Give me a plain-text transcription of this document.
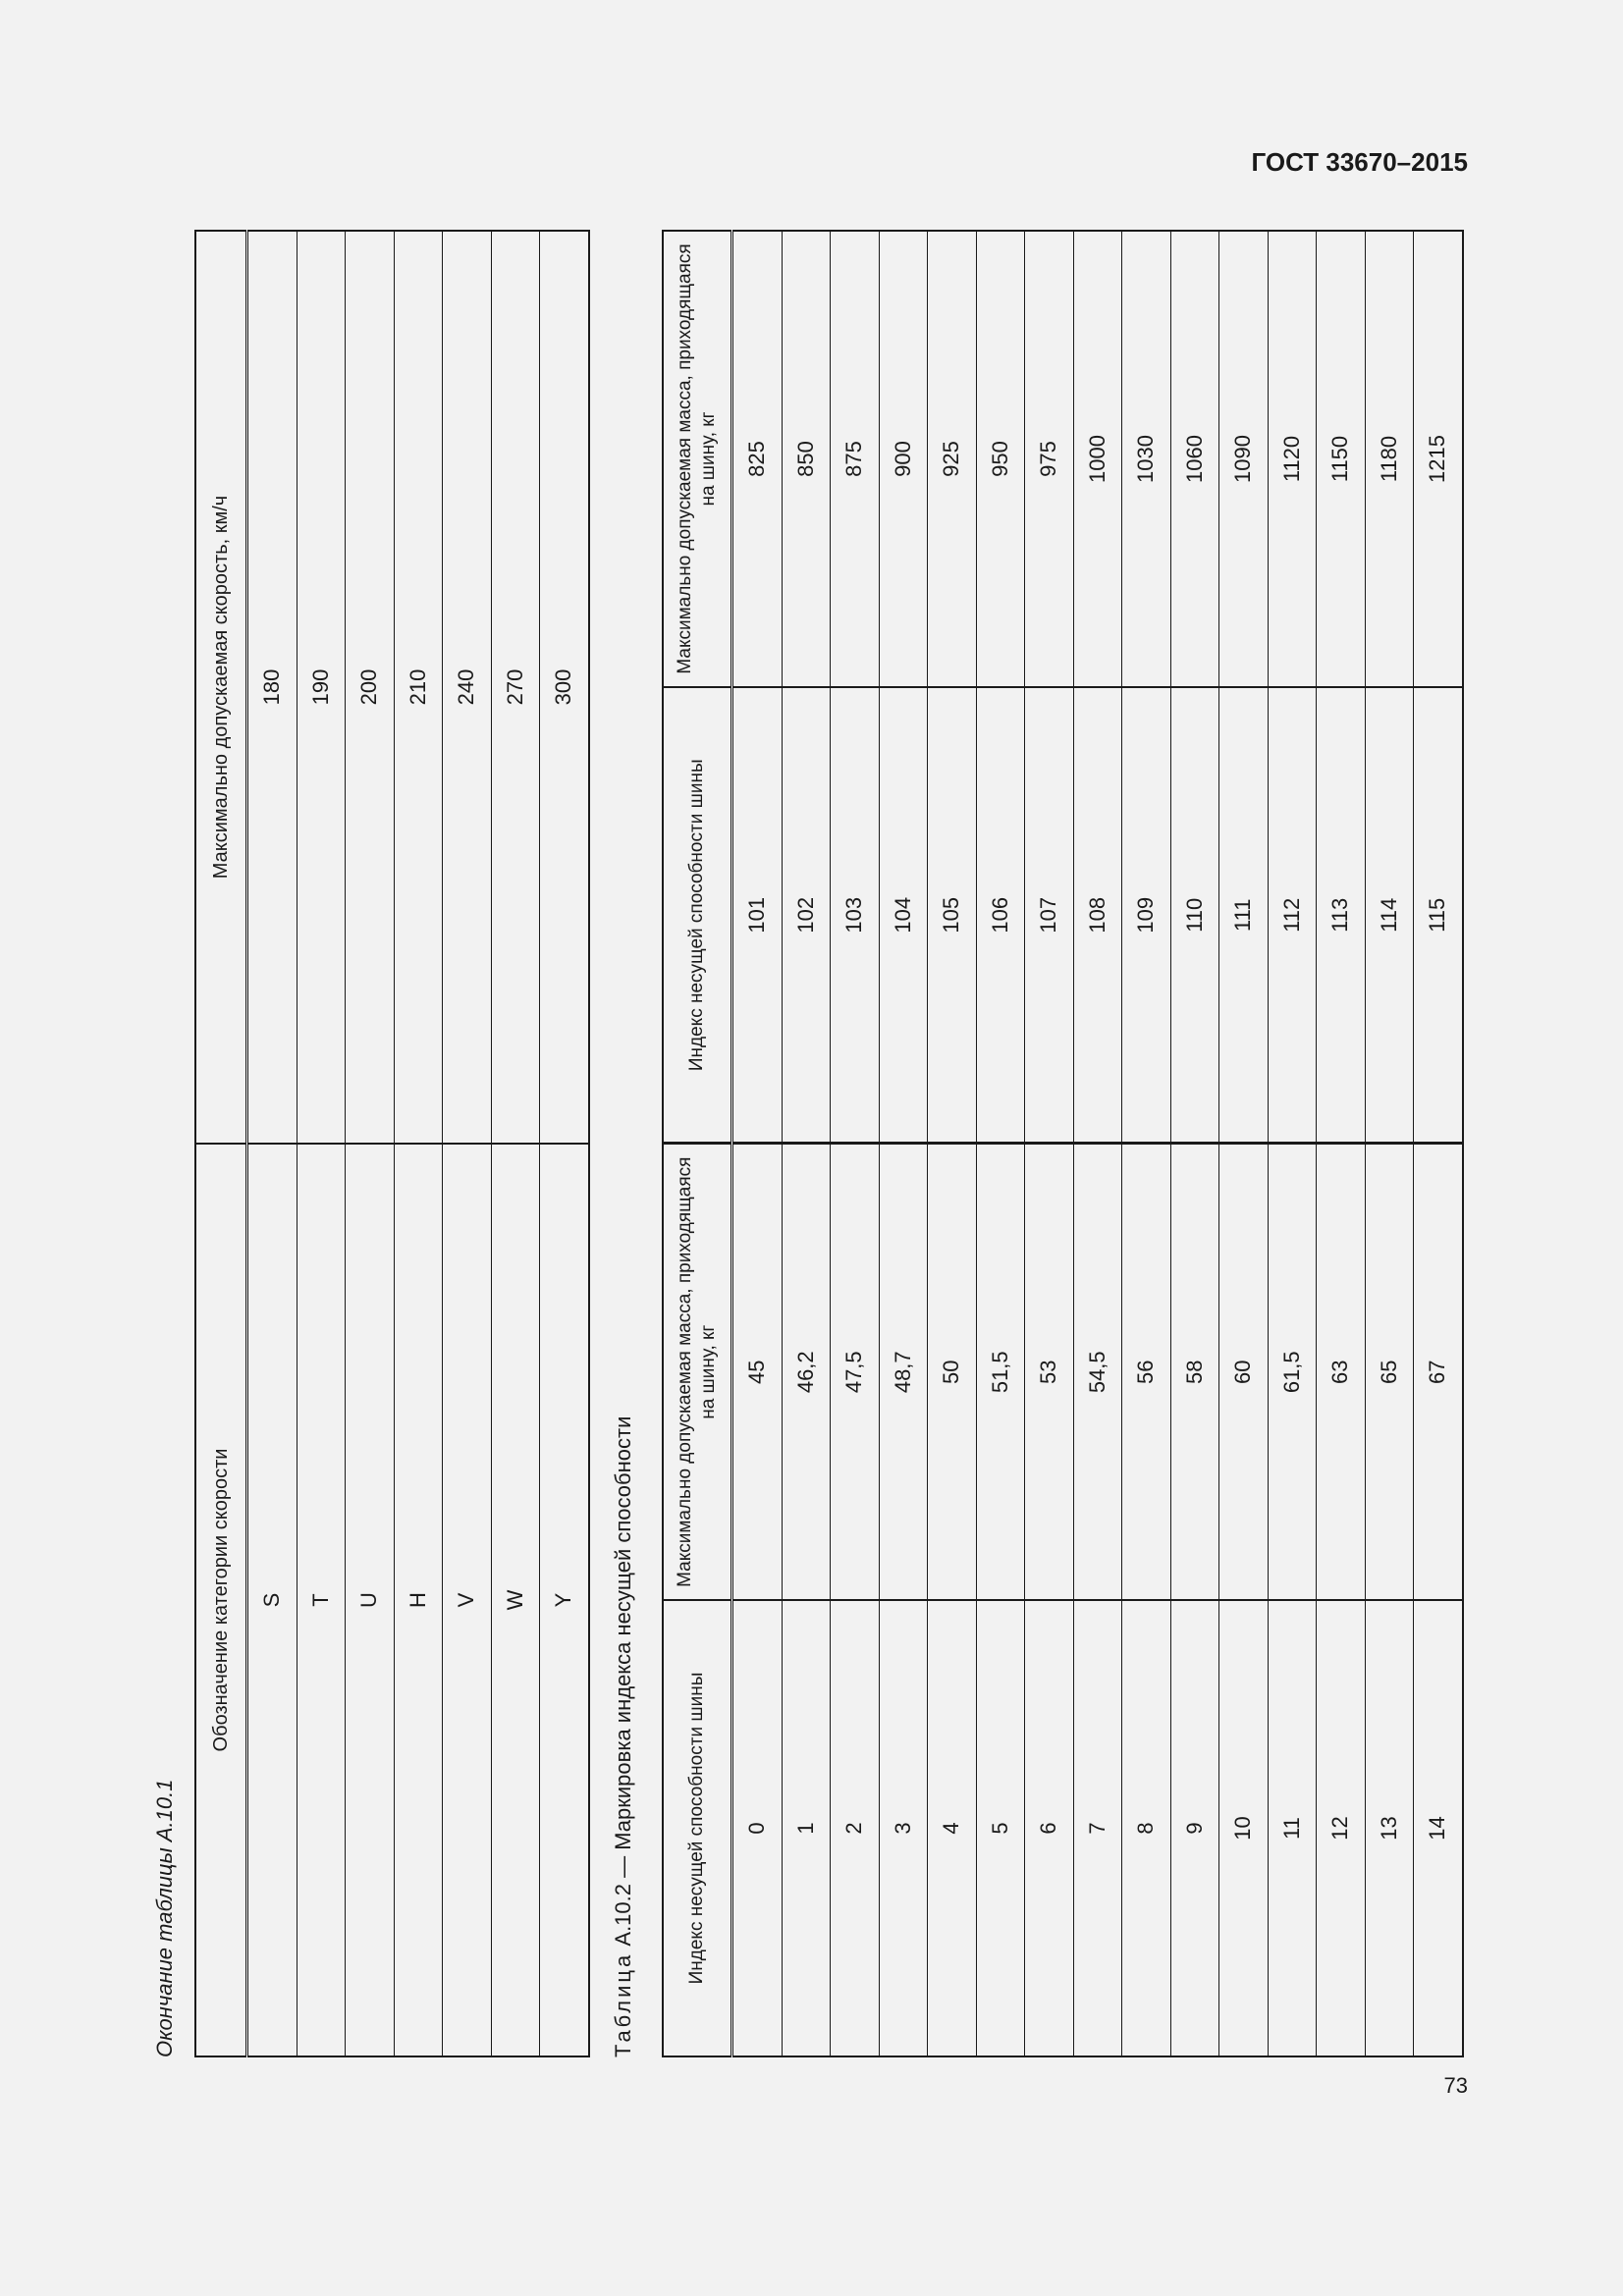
ГОСТ 33670–2015
Окончание таблицы А.10.1
Обозначение категории скорости	Максимально допускаемая скорость, км/ч
S	180
T	190
U	200
H	210
V	240
W	270
Y	300
Таблица А.10.2 — Маркировка индекса несущей способности	Индекс несущей способности шины	Максимально допускаемая масса, приходящаяся на шину, кг	Индекс несущей способности шины	Максимально допускаемая масса, приходящаяся на шину, кг
0	45	101	825
1	46,2	102	850
2	47,5	103	875
3	48,7	104	900
4	50	105	925
5	51,5	106	950
6	53	107	975
7	54,5	108	1000
8	56	109	1030
9	58	110	1060
10	60	111	1090
11	61,5	112	1120
12	63	113	1150
13	65	114	1180
14	67	115	1215
73
